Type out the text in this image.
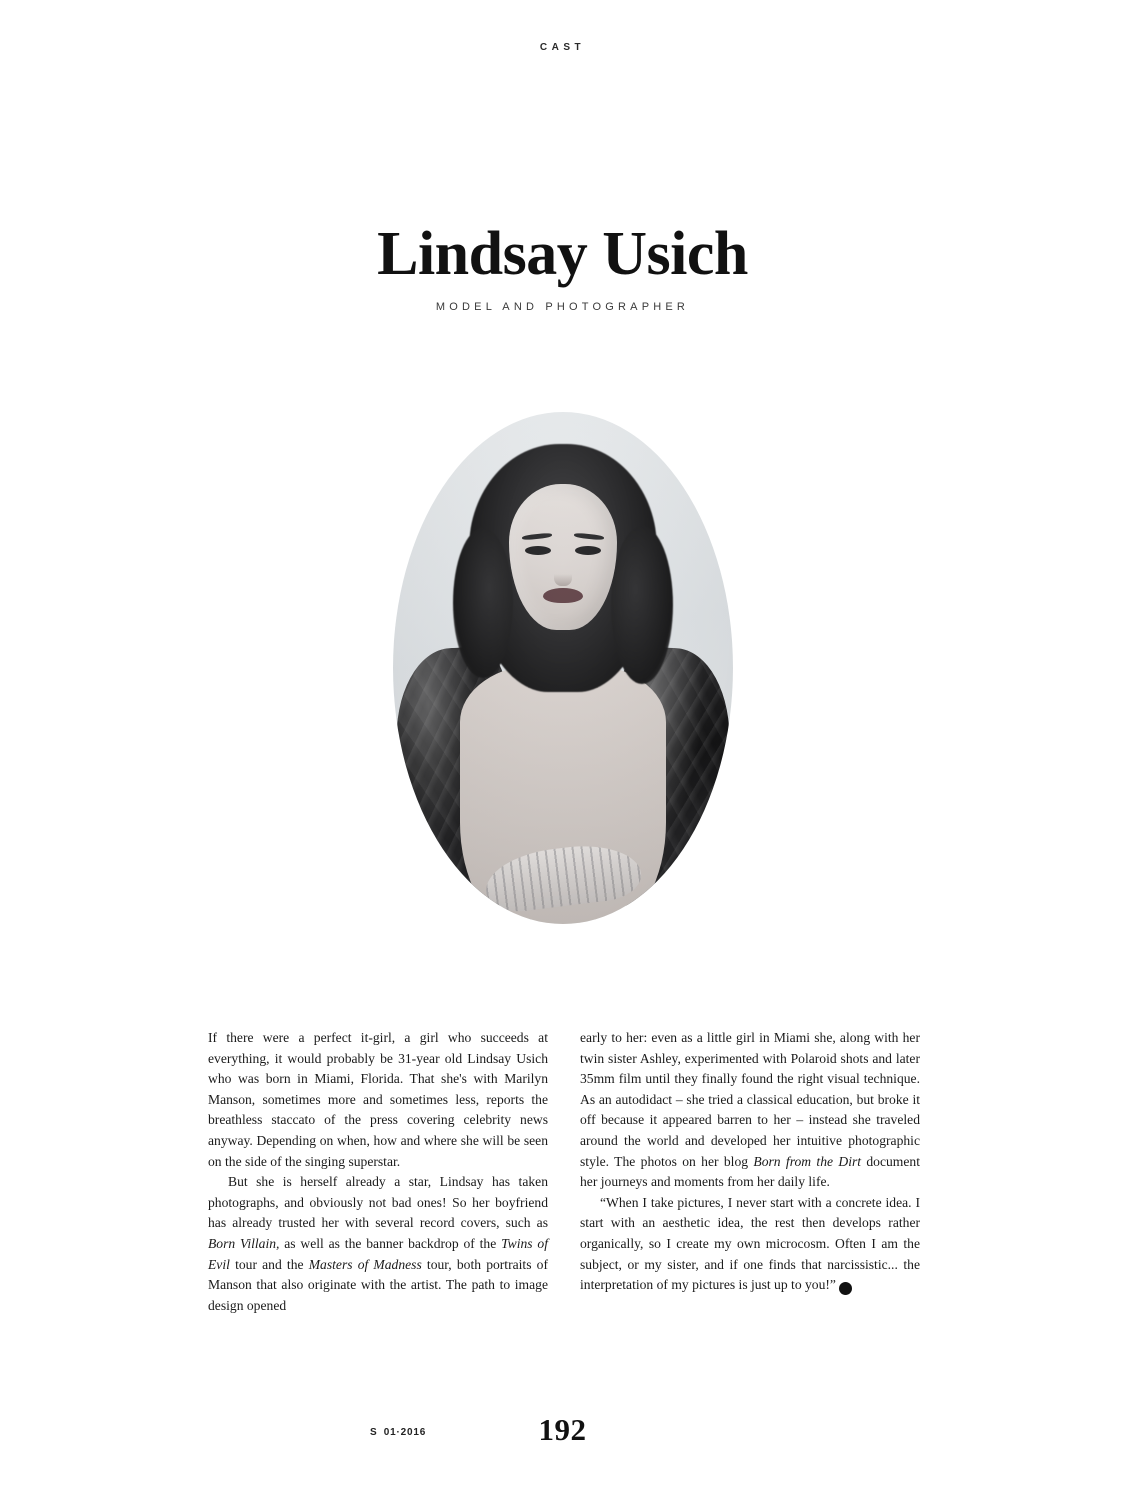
CAST
Lindsay Usich
MODEL AND PHOTOGRAPHER

If there were a perfect it-girl, a girl who succeeds at everything, it would probably be 31-year old Lindsay Usich who was born in Miami, Florida. That she's with Marilyn Manson, sometimes more and sometimes less, reports the breathless staccato of the press covering celebrity news anyway. Depending on when, how and where she will be seen on the side of the singing superstar.

But she is herself already a star, Lindsay has taken photographs, and obviously not bad ones! So her boyfriend has already trusted her with several record covers, such as Born Villain, as well as the banner backdrop of the Twins of Evil tour and the Masters of Madness tour, both portraits of Manson that also originate with the artist. The path to image design opened

early to her: even as a little girl in Miami she, along with her twin sister Ashley, experimented with Polaroid shots and later 35mm film until they finally found the right visual technique. As an autodidact – she tried a classical education, but broke it off because it appeared barren to her – instead she traveled around the world and developed her intuitive photographic style. The photos on her blog Born from the Dirt document her journeys and moments from her daily life.

“When I take pictures, I never start with a concrete idea. I start with an aesthetic idea, the rest then develops rather organically, so I create my own microcosm. Often I am the subject, or my sister, and if one finds that narcissistic... the interpretation of my pictures is just up to you!”	S

S 01·2016	192
